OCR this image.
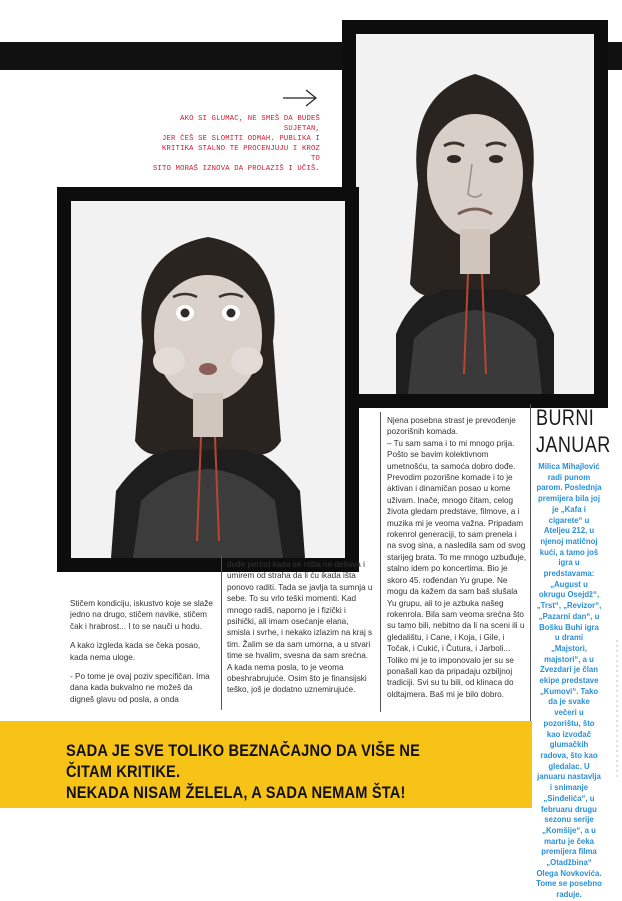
AKO SI GLUMAC, NE SMEŠ DA BUDEŠ SUJETAN,
JER ĆEŠ SE SLOMITI ODMAH. PUBLIKA I
KRITIKA STALNO TE PROCENJUJU I KROZ TO
SITO MORAŠ IZNOVA DA PROLAZIŠ I UČIŠ.

Stičem kondiciju, iskustvo koje se slaže jedno na drugo, stičem navike, stičem čak i hrabrost... I to se nauči u hodu.

A kako izgleda kada se čeka posao, kada nema uloge.

- Po tome je ovaj poziv specifičan. Ima dana kada bukvalno ne možeš da digneš glavu od posla, a onda

dođe period kada se ništa ne dešava i umirem od straha da li ću ikada išta ponovo raditi. Tada se javlja ta sumnja u sebe. To su vrlo teški momenti. Kad mnogo radiš, naporno je i fizički i psihički, ali imam osećanje elana, smisla i svrhe, i nekako izlazim na kraj s tim. Žalim se da sam umorna, a u stvari time se hvalim, svesna da sam srećna. A kada nema posla, to je veoma obeshrabrujuće. Osim što je finansijski teško, još je dodatno uznemirujuće.

Njena posebna strast je prevođenje pozorišnih komada.

– Tu sam sama i to mi mnogo prija. Pošto se bavim kolektivnom umetnošću, ta samoća dobro dođe. Prevodim pozorišne komade i to je aktivan i dinamičan posao u kome uživam. Inače, mnogo čitam, celog života gledam predstave, filmove, a i muzika mi je veoma važna. Pripadam rokenrol generaciji, to sam prenela i na svog sina, a nasledila sam od svog starijeg brata. To me mnogo uzbuđuje, stalno idem po koncertima. Bio je skoro 45. rođendan Yu grupe. Ne mogu da kažem da sam baš slušala Yu grupu, ali to je azbuka našeg rokenrola. Bila sam veoma srećna što su tamo bili, nebitno da li na sceni ili u gledalištu, i Cane, i Koja, i Gile, i Točak, i Cukić, i Čutura, i Jarboli... Toliko mi je to imponovalo jer su se ponašali kao da pripadaju ozbiljnoj tradiciji. Svi su tu bili, od klinaca do oldtajmera. Baš mi je bilo dobro.

BURNI
JANUAR
Milica Mihajlović radi punom parom. Poslednja premijera bila joj je „Kafa i cigarete“ u Ateljeu 212, u njenoj matičnoj kući, a tamo još igra u predstavama: „August u okrugu Osejdž“, „Trst“, „Revizor“, „Pazarni dan“, u Bošku Buhi igra u drami „Majstori, majstori“, a u Zvezdari je član ekipe predstave „Kumovi“. Tako da je svake večeri u pozorištu, što kao izvođač glumačkih radova, što kao gledalac. U januaru nastavlja i snimanje „Sinđelića“, u februaru drugu sezonu serije „Komšije“, a u martu je čeka premijera filma „Otadžbina“ Olega Novkovića. Tome se posebno raduje.
SADA JE SVE TOLIKO BEZNAČAJNO DA VIŠE NE ČITAM KRITIKE.
NEKADA NISAM ŽELELA, A SADA NEMAM ŠTA!
